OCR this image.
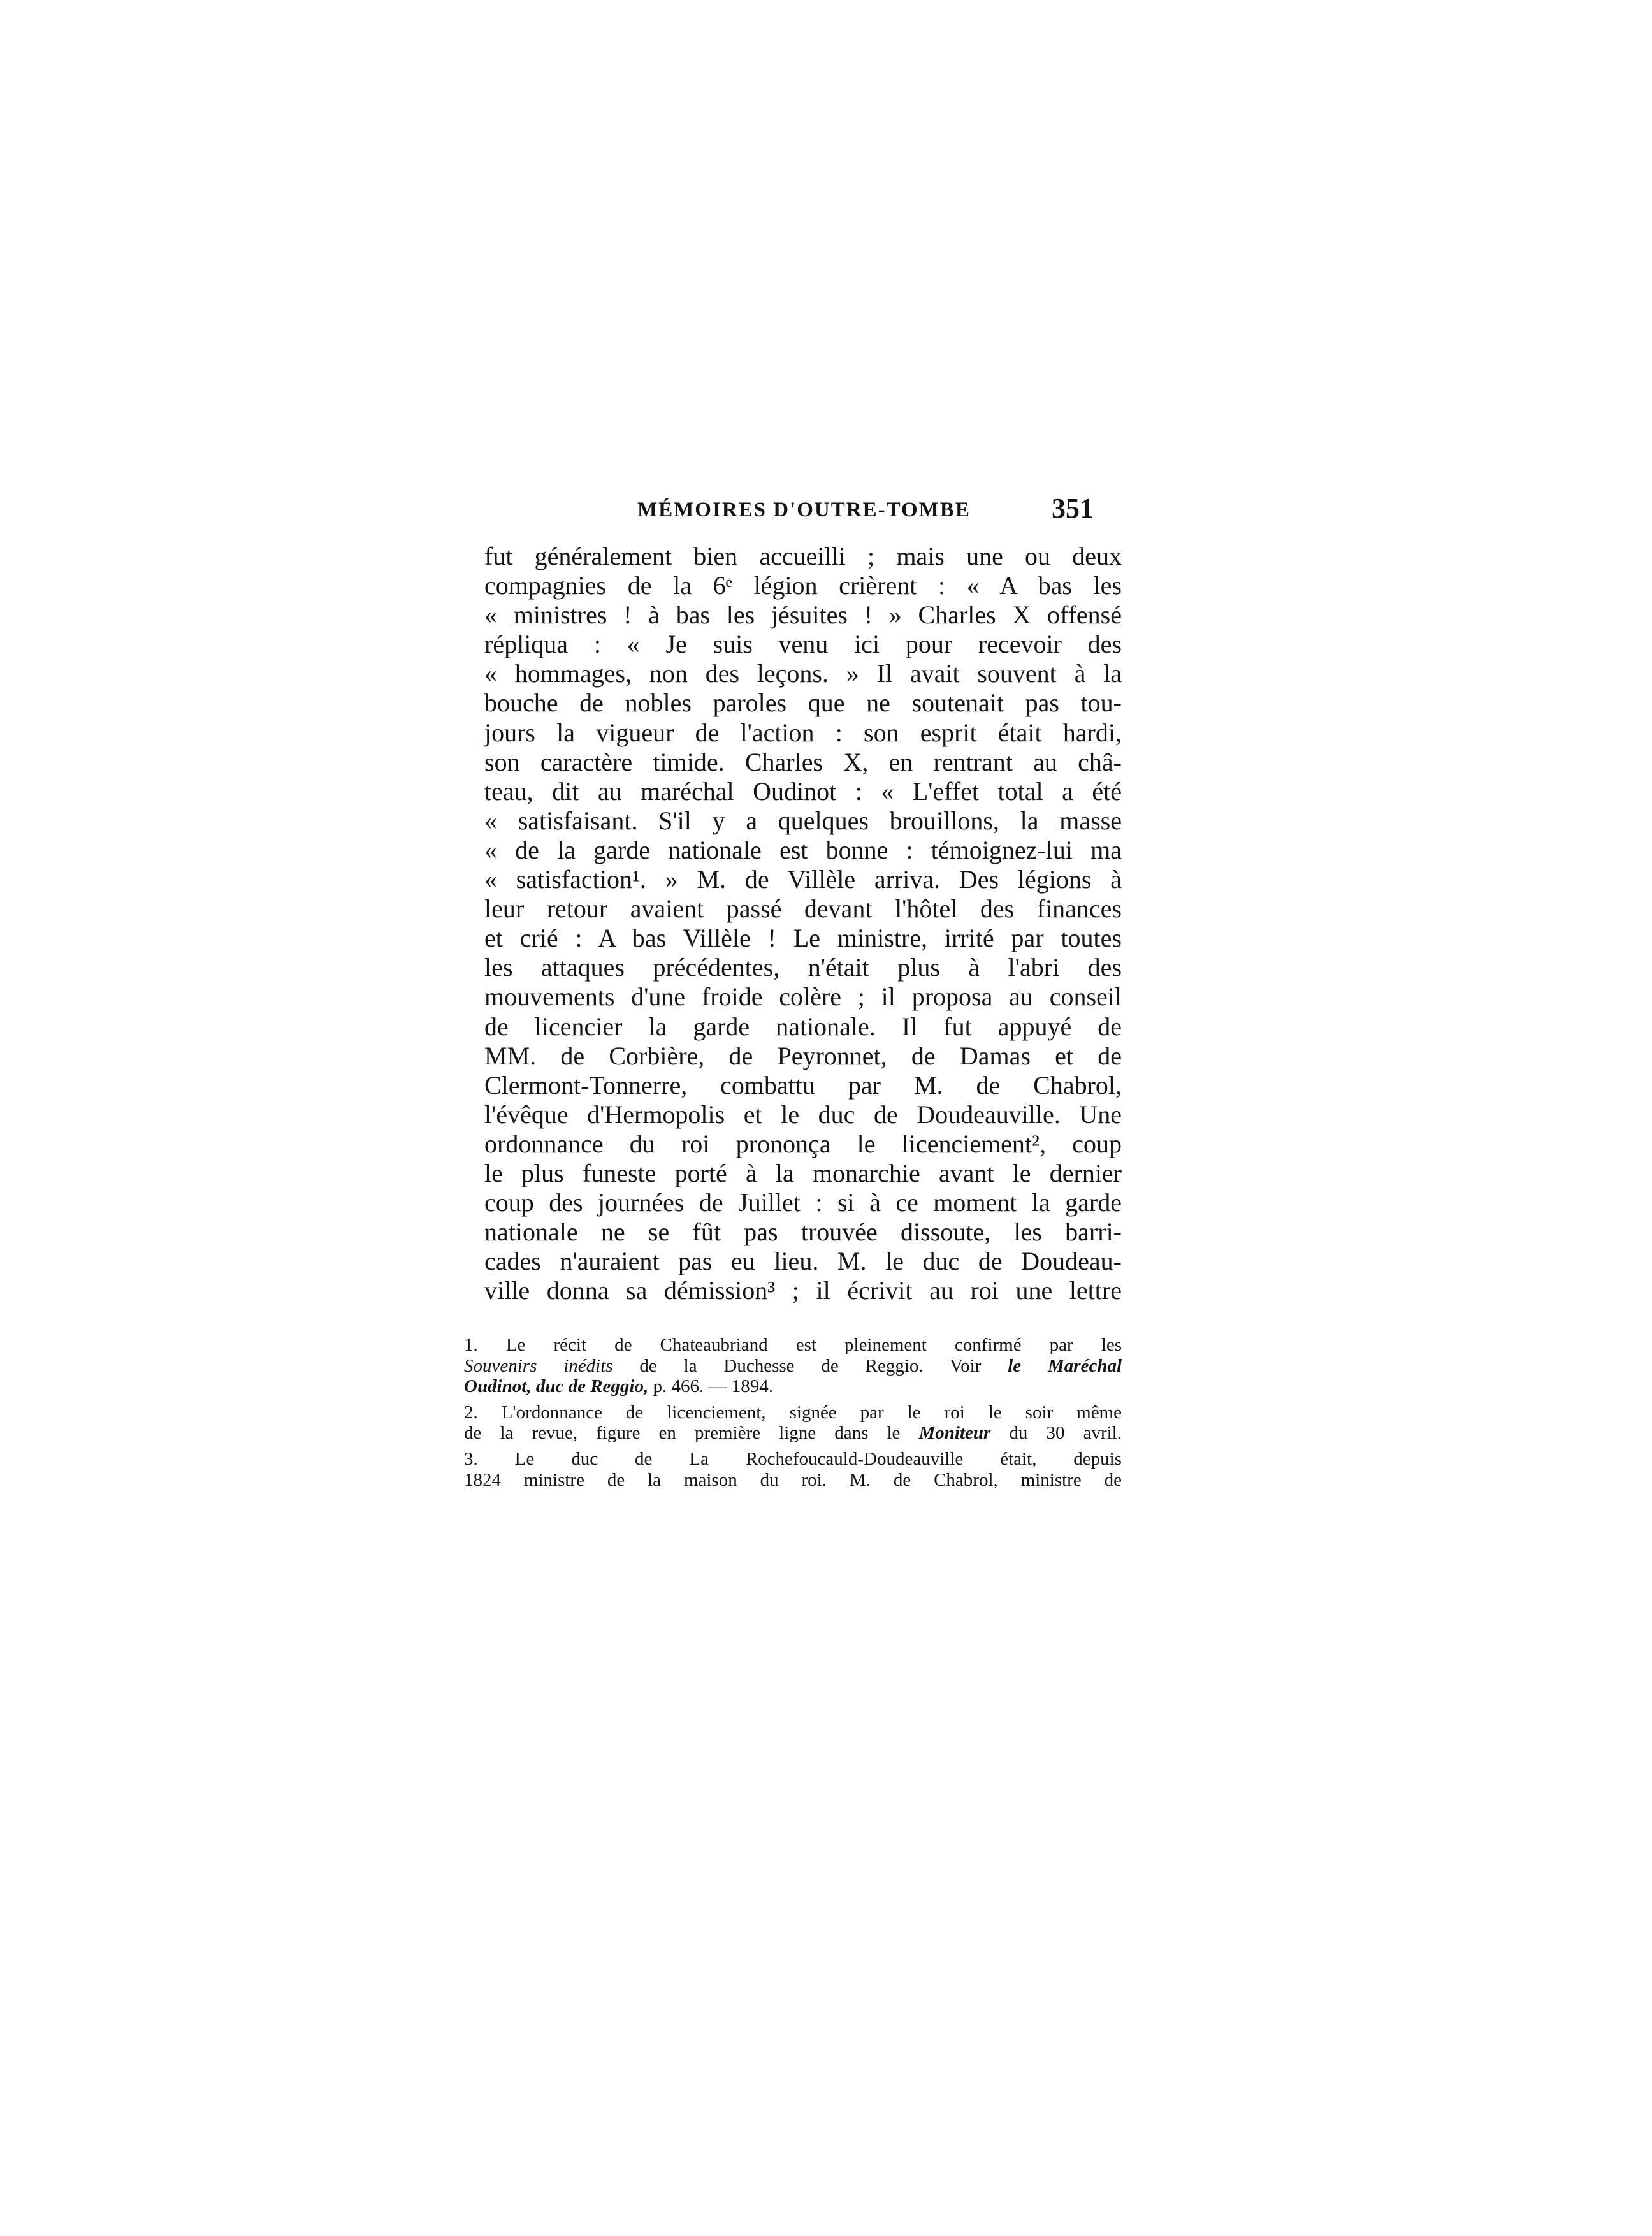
MÉMOIRES D'OUTRE-TOMBE	351
fut généralement bien accueilli ; mais une ou deux
compagnies de la 6ᵉ légion crièrent : « A bas les
« ministres ! à bas les jésuites ! » Charles X offensé
répliqua : « Je suis venu ici pour recevoir des
« hommages, non des leçons. » Il avait souvent à la
bouche de nobles paroles que ne soutenait pas tou-
jours la vigueur de l'action : son esprit était hardi,
son caractère timide. Charles X, en rentrant au châ-
teau, dit au maréchal Oudinot : « L'effet total a été
« satisfaisant. S'il y a quelques brouillons, la masse
« de la garde nationale est bonne : témoignez-lui ma
« satisfaction¹. » M. de Villèle arriva. Des légions à
leur retour avaient passé devant l'hôtel des finances
et crié : A bas Villèle ! Le ministre, irrité par toutes
les attaques précédentes, n'était plus à l'abri des
mouvements d'une froide colère ; il proposa au conseil
de licencier la garde nationale. Il fut appuyé de
MM. de Corbière, de Peyronnet, de Damas et de
Clermont-Tonnerre, combattu par M. de Chabrol,
l'évêque d'Hermopolis et le duc de Doudeauville. Une
ordonnance du roi prononça le licenciement², coup
le plus funeste porté à la monarchie avant le dernier
coup des journées de Juillet : si à ce moment la garde
nationale ne se fût pas trouvée dissoute, les barri-
cades n'auraient pas eu lieu. M. le duc de Doudeau-
ville donna sa démission³ ; il écrivit au roi une lettre
1. Le récit de Chateaubriand est pleinement confirmé par les
Souvenirs inédits de la Duchesse de Reggio. Voir le Maréchal
Oudinot, duc de Reggio, p. 466. — 1894.
2. L'ordonnance de licenciement, signée par le roi le soir même
de la revue, figure en première ligne dans le Moniteur du 30 avril.
3. Le duc de La Rochefoucauld-Doudeauville était, depuis
1824 ministre de la maison du roi. M. de Chabrol, ministre de
